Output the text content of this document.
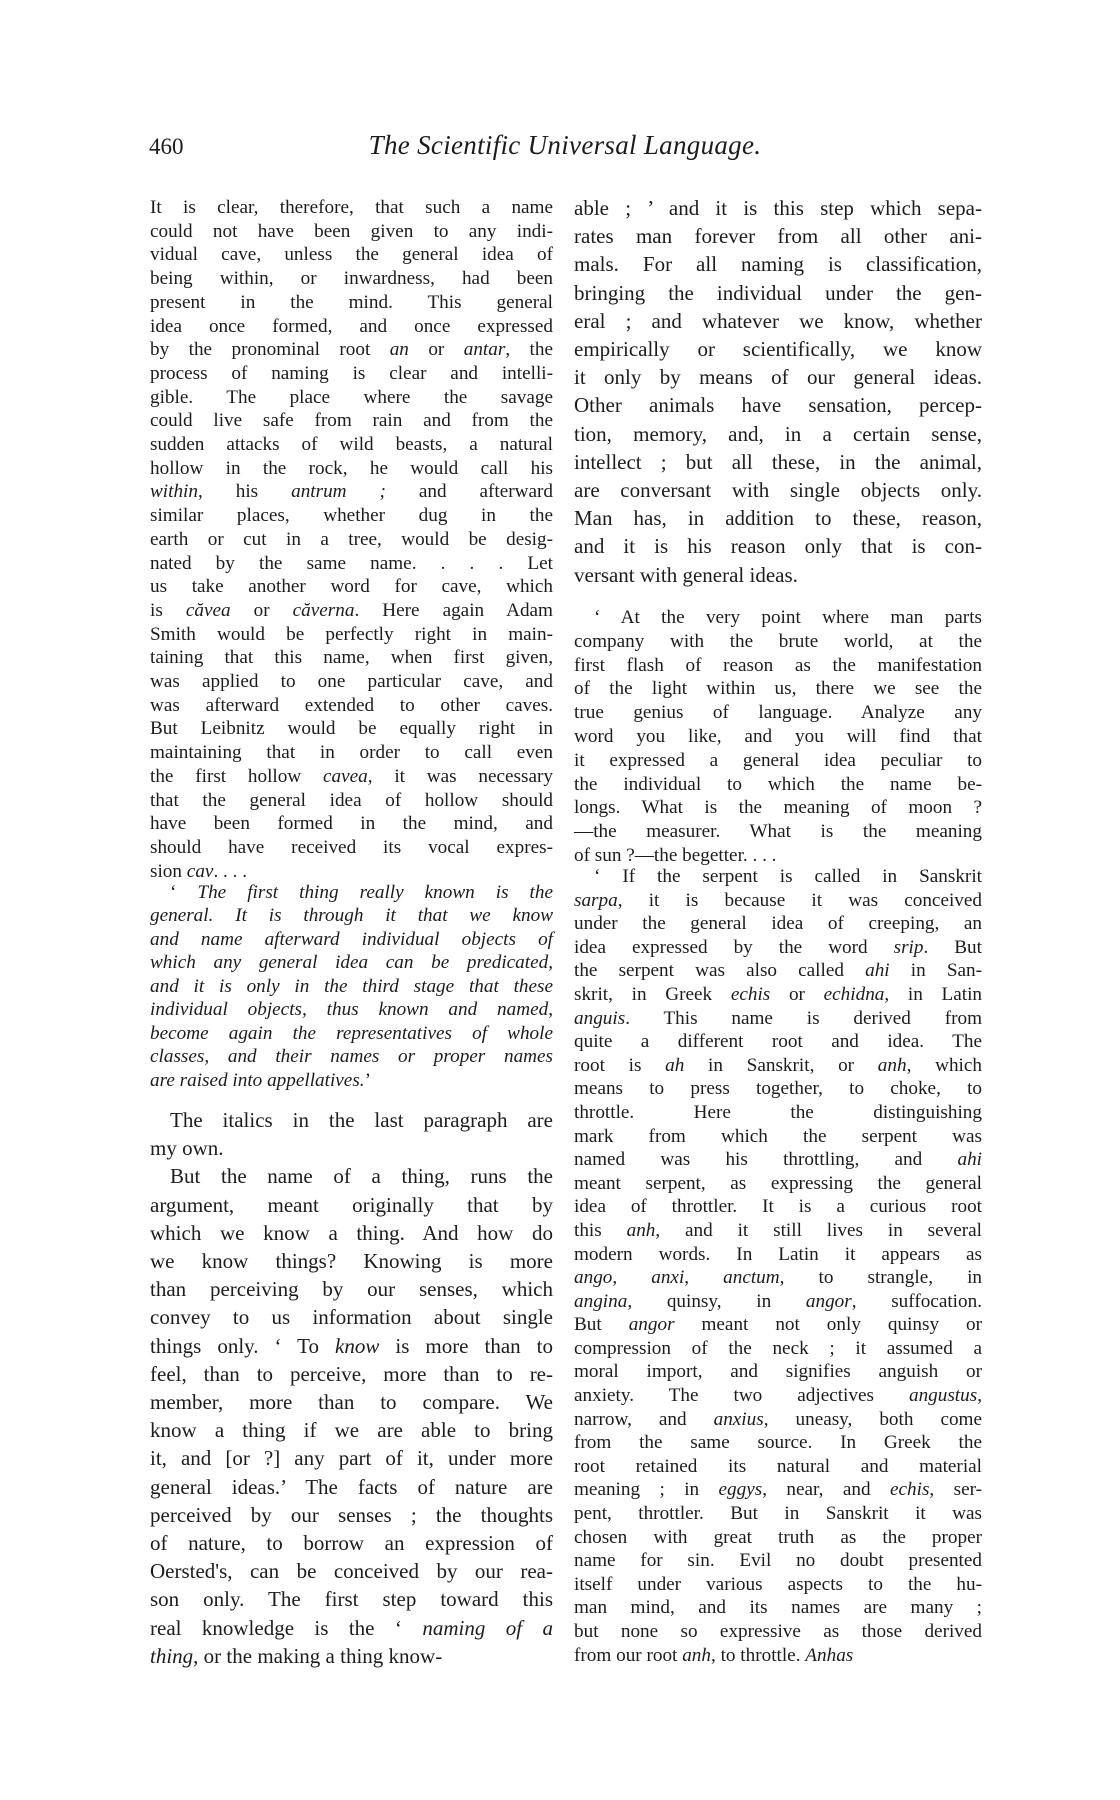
460	The Scientific Universal Language.
It is clear, therefore, that such a name
could not have been given to any indi-
vidual cave, unless the general idea of
being within, or inwardness, had been
present in the mind. This general
idea once formed, and once expressed
by the pronominal root an or antar, the
process of naming is clear and intelli-
gible. The place where the savage
could live safe from rain and from the
sudden attacks of wild beasts, a natural
hollow in the rock, he would call his
within, his antrum ; and afterward
similar places, whether dug in the
earth or cut in a tree, would be desig-
nated by the same name. . . . Let
us take another word for cave, which
is căvea or căverna. Here again Adam
Smith would be perfectly right in main-
taining that this name, when first given,
was applied to one particular cave, and
was afterward extended to other caves.
But Leibnitz would be equally right in
maintaining that in order to call even
the first hollow cavea, it was necessary
that the general idea of hollow should
have been formed in the mind, and
should have received its vocal expres-
sion cav. . . .
‘ The first thing really known is the
general. It is through it that we know
and name afterward individual objects of
which any general idea can be predicated,
and it is only in the third stage that these
individual objects, thus known and named,
become again the representatives of whole
classes, and their names or proper names
are raised into appellatives.’
The italics in the last paragraph are
my own.
But the name of a thing, runs the
argument, meant originally that by
which we know a thing. And how do
we know things? Knowing is more
than perceiving by our senses, which
convey to us information about single
things only. ‘ To know is more than to
feel, than to perceive, more than to re-
member, more than to compare. We
know a thing if we are able to bring
it, and [or ?] any part of it, under more
general ideas.’ The facts of nature are
perceived by our senses ; the thoughts
of nature, to borrow an expression of
Oersted's, can be conceived by our rea-
son only. The first step toward this
real knowledge is the ‘ naming of a
thing, or the making a thing know-
able ; ’ and it is this step which sepa-
rates man forever from all other ani-
mals. For all naming is classification,
bringing the individual under the gen-
eral ; and whatever we know, whether
empirically or scientifically, we know
it only by means of our general ideas.
Other animals have sensation, percep-
tion, memory, and, in a certain sense,
intellect ; but all these, in the animal,
are conversant with single objects only.
Man has, in addition to these, reason,
and it is his reason only that is con-
versant with general ideas.
‘ At the very point where man parts
company with the brute world, at the
first flash of reason as the manifestation
of the light within us, there we see the
true genius of language. Analyze any
word you like, and you will find that
it expressed a general idea peculiar to
the individual to which the name be-
longs. What is the meaning of moon ?
—the measurer. What is the meaning
of sun ?—the begetter. . . .
‘ If the serpent is called in Sanskrit
sarpa, it is because it was conceived
under the general idea of creeping, an
idea expressed by the word srip. But
the serpent was also called ahi in San-
skrit, in Greek echis or echidna, in Latin
anguis. This name is derived from
quite a different root and idea. The
root is ah in Sanskrit, or anh, which
means to press together, to choke, to
throttle. Here the distinguishing
mark from which the serpent was
named was his throttling, and ahi
meant serpent, as expressing the general
idea of throttler. It is a curious root
this anh, and it still lives in several
modern words. In Latin it appears as
ango, anxi, anctum, to strangle, in
angina, quinsy, in angor, suffocation.
But angor meant not only quinsy or
compression of the neck ; it assumed a
moral import, and signifies anguish or
anxiety. The two adjectives angustus,
narrow, and anxius, uneasy, both come
from the same source. In Greek the
root retained its natural and material
meaning ; in eggys, near, and echis, ser-
pent, throttler. But in Sanskrit it was
chosen with great truth as the proper
name for sin. Evil no doubt presented
itself under various aspects to the hu-
man mind, and its names are many ;
but none so expressive as those derived
from our root anh, to throttle. Anhas
